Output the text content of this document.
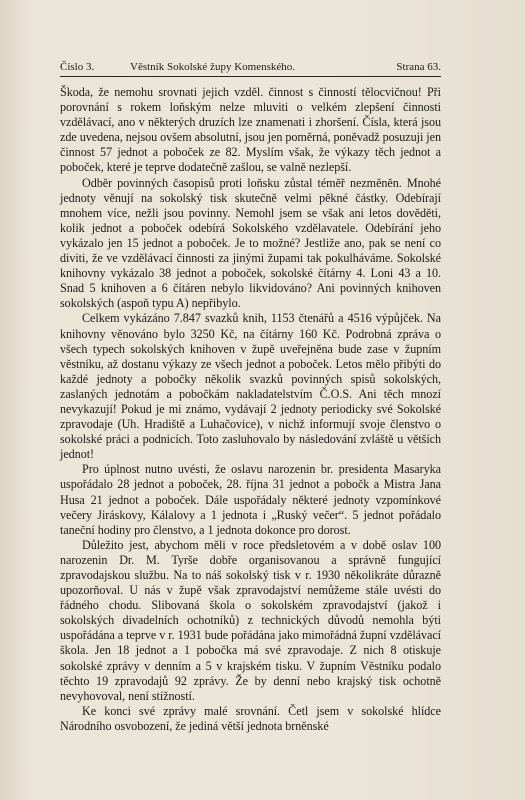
Číslo 3.	Věstník Sokolské župy Komenského.	Strana 63.

Škoda, že nemohu srovnati jejich vzděl. činnost s činností tělocvičnou! Při porovnání s rokem loňským nelze mluviti o velkém zlepšení činnosti vzdělávací, ano v některých druzích lze znamenati i zhoršení. Čísla, která jsou zde uvedena, nejsou ovšem absolutní, jsou jen poměrná, poněvadž posuzuji jen činnost 57 jednot a poboček ze 82. Myslím však, že výkazy těch jednot a poboček, které je teprve dodatečně zašlou, se valně nezlepší.

Odběr povinných časopisů proti loňsku zůstal téměř nezměněn. Mnohé jednoty věnují na sokolský tisk skutečně velmi pěkné částky. Odebírají mnohem více, nežli jsou povinny. Nemohl jsem se však ani letos dověděti, kolik jednot a poboček odebírá Sokolského vzdělavatele. Odebírání jeho vykázalo jen 15 jednot a poboček. Je to možné? Jestliže ano, pak se není co diviti, že ve vzdělávací činnosti za jinými župami tak pokulháváme. Sokolské knihovny vykázalo 38 jednot a poboček, sokolské čítárny 4. Loni 43 a 10. Snad 5 knihoven a 6 čítáren nebylo likvidováno? Ani povinných knihoven sokolských (aspoň typu A) nepřibylo.

Celkem vykázáno 7.847 svazků knih, 1153 čtenářů a 4516 výpůjček. Na knihovny věnováno bylo 3250 Kč, na čítárny 160 Kč. Podrobná zpráva o všech typech sokolských knihoven v župě uveřejněna bude zase v župním věstníku, až dostanu výkazy ze všech jednot a poboček. Letos mělo přibýti do každé jednoty a pobočky několik svazků povinných spisů sokolských, zaslaných jednotám a pobočkám nakladatelstvím Č.O.S. Ani těch mnozí nevykazují! Pokud je mi známo, vydávají 2 jednoty periodicky své Sokolské zpravodaje (Uh. Hradiště a Luhačovice), v nichž informují svoje členstvo o sokolské práci a podnicích. Toto zasluhovalo by následování zvláště u větších jednot!

Pro úplnost nutno uvésti, že oslavu narozenin br. presidenta Masaryka uspořádalo 28 jednot a poboček, 28. října 31 jednot a pobočk a Mistra Jana Husa 21 jednot a poboček. Dále uspořádaly některé jednoty vzpomínkové večery Jiráskovy, Kálalovy a 1 jednota i „Ruský večer“. 5 jednot pořádalo taneční hodiny pro členstvo, a 1 jednota dokonce pro dorost.

Důležito jest, abychom měli v roce předsletovém a v době oslav 100 narozenin Dr. M. Tyrše dobře organisovanou a správně fungující zpravodajskou službu. Na to náš sokolský tisk v r. 1930 několikráte důrazně upozorňoval. U nás v župě však zpravodajství nemůžeme stále uvésti do řádného chodu. Slibovaná škola o sokolském zpravodajství (jakož i sokolských divadelních ochotníků) z technických důvodů nemohla býti uspořádána a teprve v r. 1931 bude pořádána jako mimořádná župní vzdělávací škola. Jen 18 jednot a 1 pobočka má své zpravodaje. Z nich 8 otiskuje sokolské zprávy v denním a 5 v krajském tisku. V župním Věstníku podalo těchto 19 zpravodajů 92 zprávy. Že by denní nebo krajský tisk ochotně nevyhovoval, není stížností.

Ke konci své zprávy malé srovnání. Četl jsem v sokolské hlídce Národního osvobození, že jediná větší jednota brněnské
